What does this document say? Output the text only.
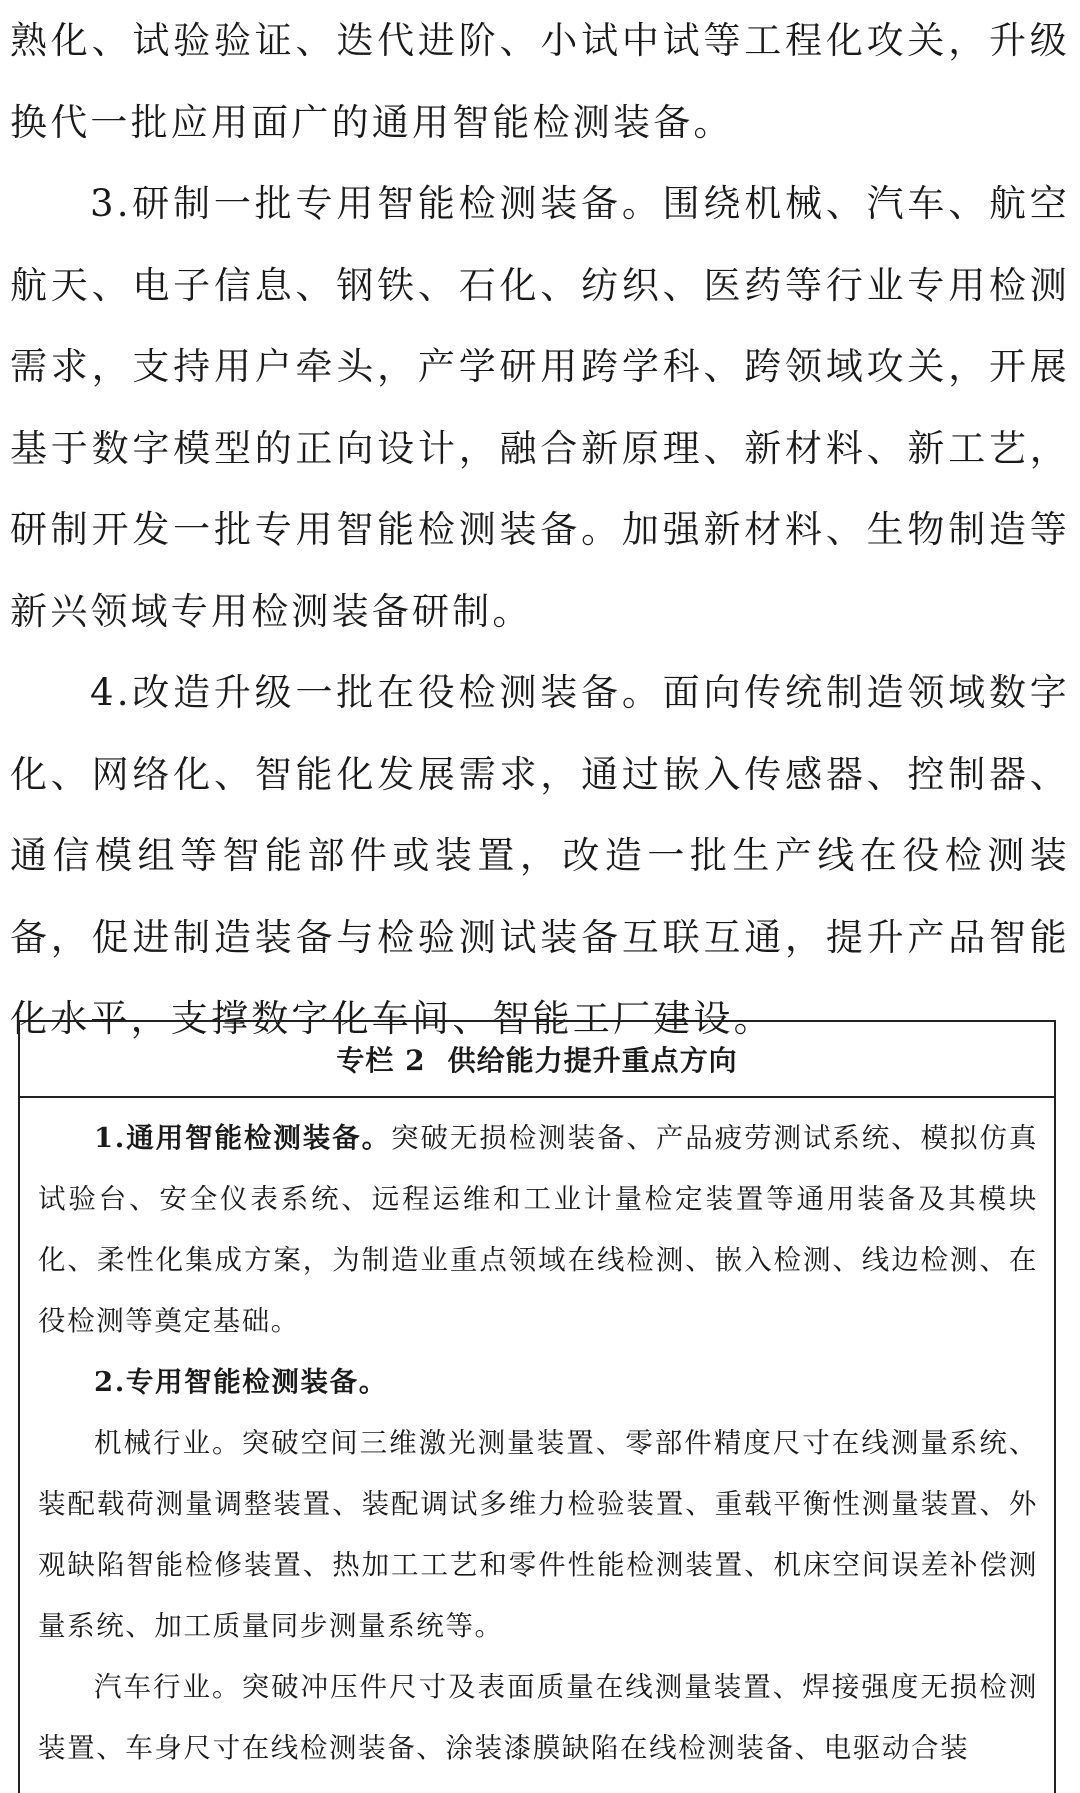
熟化、试验验证、迭代进阶、小试中试等工程化攻关，升级换代一批应用面广的通用智能检测装备。

3.研制一批专用智能检测装备。围绕机械、汽车、航空航天、电子信息、钢铁、石化、纺织、医药等行业专用检测需求，支持用户牵头，产学研用跨学科、跨领域攻关，开展基于数字模型的正向设计，融合新原理、新材料、新工艺，研制开发一批专用智能检测装备。加强新材料、生物制造等新兴领域专用检测装备研制。

4.改造升级一批在役检测装备。面向传统制造领域数字化、网络化、智能化发展需求，通过嵌入传感器、控制器、通信模组等智能部件或装置，改造一批生产线在役检测装备，促进制造装备与检验测试装备互联互通，提升产品智能化水平，支撑数字化车间、智能工厂建设。

专栏 2 供给能力提升重点方向

1.通用智能检测装备。突破无损检测装备、产品疲劳测试系统、模拟仿真试验台、安全仪表系统、远程运维和工业计量检定装置等通用装备及其模块化、柔性化集成方案，为制造业重点领域在线检测、嵌入检测、线边检测、在役检测等奠定基础。

2.专用智能检测装备。

机械行业。突破空间三维激光测量装置、零部件精度尺寸在线测量系统、装配载荷测量调整装置、装配调试多维力检验装置、重载平衡性测量装置、外观缺陷智能检修装置、热加工工艺和零件性能检测装置、机床空间误差补偿测量系统、加工质量同步测量系统等。

汽车行业。突破冲压件尺寸及表面质量在线测量装置、焊接强度无损检测装置、车身尺寸在线检测装备、涂装漆膜缺陷在线检测装备、电驱动合装
